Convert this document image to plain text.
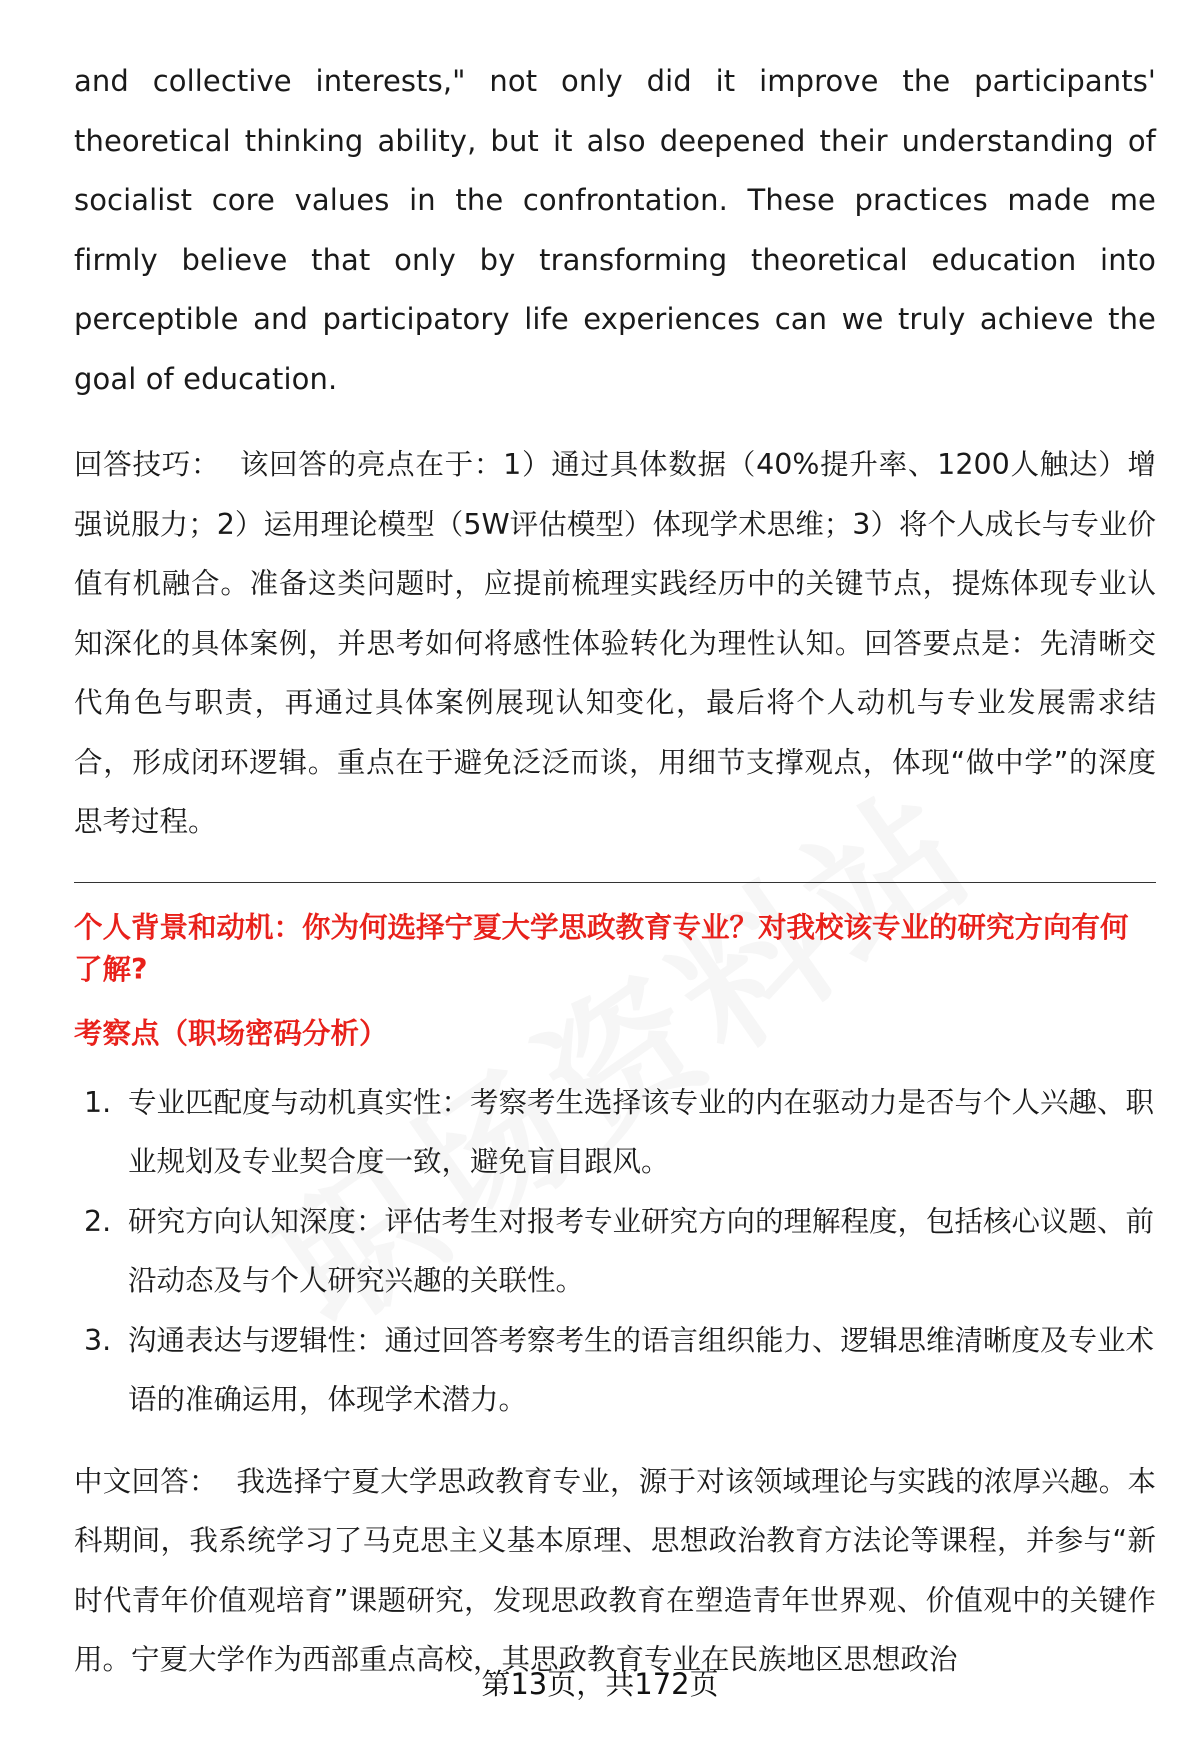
and collective interests," not only did it improve the participants' theoretical thinking ability, but it also deepened their understanding of socialist core values in the confrontation. These practices made me firmly believe that only by transforming theoretical education into perceptible and participatory life experiences can we truly achieve the goal of education.

回答技巧： 该回答的亮点在于：1）通过具体数据（40%提升率、1200人触达）增强说服力；2）运用理论模型（5W评估模型）体现学术思维；3）将个人成长与专业价值有机融合。准备这类问题时，应提前梳理实践经历中的关键节点，提炼体现专业认知深化的具体案例，并思考如何将感性体验转化为理性认知。回答要点是：先清晰交代角色与职责，再通过具体案例展现认知变化，最后将个人动机与专业发展需求结合，形成闭环逻辑。重点在于避免泛泛而谈，用细节支撑观点，体现“做中学”的深度思考过程。

个人背景和动机：你为何选择宁夏大学思政教育专业？对我校该专业的研究方向有何了解?

考察点（职场密码分析）

1. 专业匹配度与动机真实性：考察考生选择该专业的内在驱动力是否与个人兴趣、职业规划及专业契合度一致，避免盲目跟风。
2. 研究方向认知深度：评估考生对报考专业研究方向的理解程度，包括核心议题、前沿动态及与个人研究兴趣的关联性。
3. 沟通表达与逻辑性：通过回答考察考生的语言组织能力、逻辑思维清晰度及专业术语的准确运用，体现学术潜力。

中文回答： 我选择宁夏大学思政教育专业，源于对该领域理论与实践的浓厚兴趣。本科期间，我系统学习了马克思主义基本原理、思想政治教育方法论等课程，并参与“新时代青年价值观培育”课题研究，发现思政教育在塑造青年世界观、价值观中的关键作用。宁夏大学作为西部重点高校，其思政教育专业在民族地区思想政治

第13页，共172页
